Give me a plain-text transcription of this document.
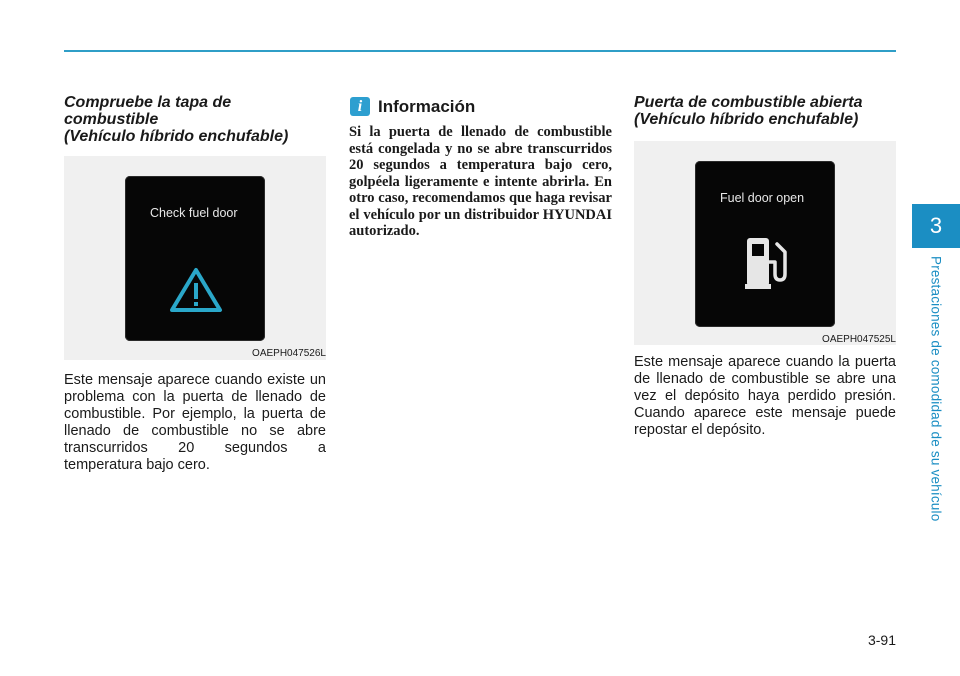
Compruebe la tapa de
combustible
(Vehículo híbrido enchufable)
Check fuel door
OAEPH047526L

Este mensaje aparece cuando existe un problema con la puerta de llenado de combustible. Por ejemplo, la puerta de llenado de combustible no se abre transcurridos 20 segundos a temperatura bajo cero.

i Información

Si la puerta de llenado de combustible está congelada y no se abre transcurridos 20 segundos a temperatura bajo cero, golpéela ligeramente e intente abrirla. En otro caso, recomendamos que haga revisar el vehículo por un distribuidor HYUNDAI autorizado.

Puerta de combustible abierta
(Vehículo híbrido enchufable)
Fuel door open
OAEPH047525L

Este mensaje aparece cuando la puerta de llenado de combustible se abre una vez el depósito haya perdido presión. Cuando aparece este mensaje puede repostar el depósito.

3
Prestaciones de comodidad de su vehículo
3-91
